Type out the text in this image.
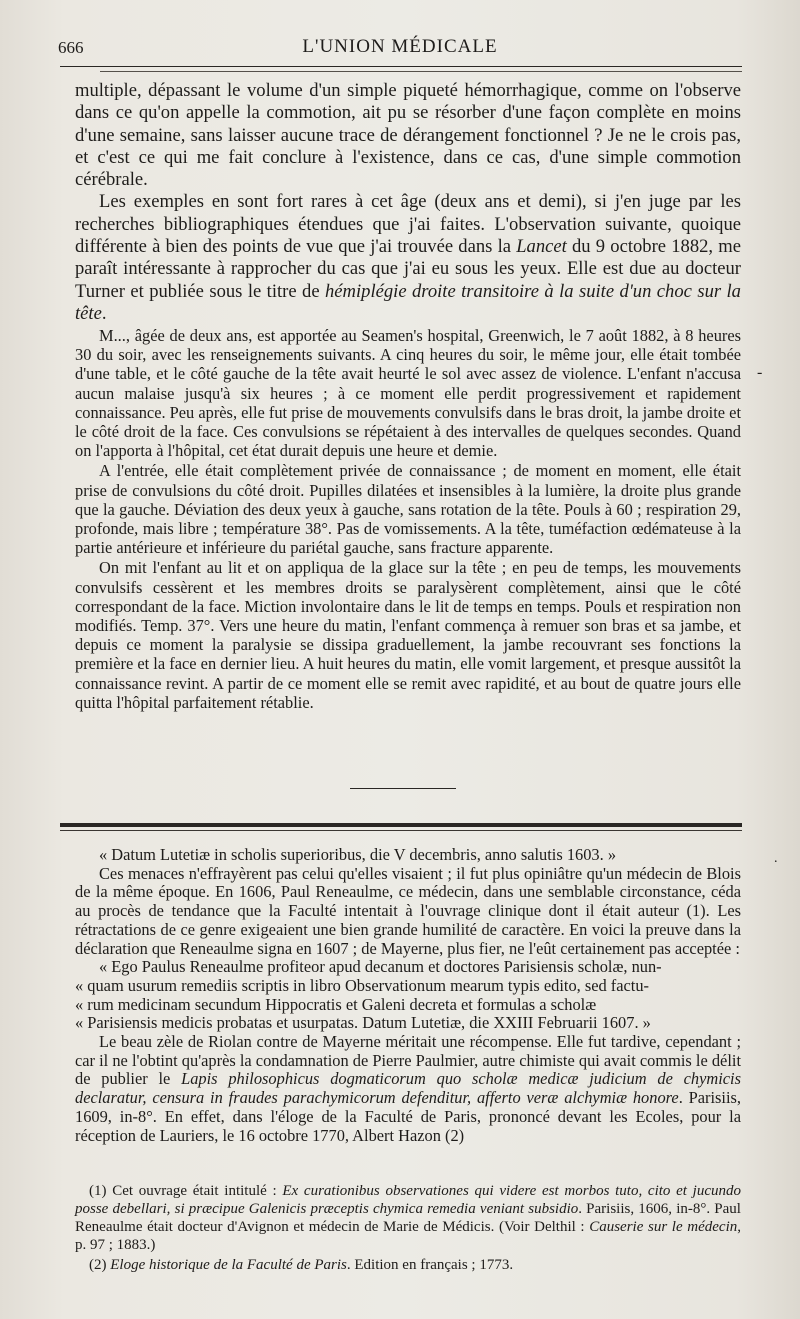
666	L'UNION MÉDICALE

multiple, dépassant le volume d'un simple piqueté hémorrhagique, comme on l'observe dans ce qu'on appelle la commotion, ait pu se résorber d'une façon complète en moins d'une semaine, sans laisser aucune trace de dérangement fonctionnel ? Je ne le crois pas, et c'est ce qui me fait conclure à l'existence, dans ce cas, d'une simple commotion cérébrale.

Les exemples en sont fort rares à cet âge (deux ans et demi), si j'en juge par les recherches bibliographiques étendues que j'ai faites. L'observation suivante, quoique différente à bien des points de vue que j'ai trouvée dans la Lancet du 9 octobre 1882, me paraît intéressante à rapprocher du cas que j'ai eu sous les yeux. Elle est due au docteur Turner et publiée sous le titre de hémiplégie droite transitoire à la suite d'un choc sur la tête.

M..., âgée de deux ans, est apportée au Seamen's hospital, Greenwich, le 7 août 1882, à 8 heures 30 du soir, avec les renseignements suivants. A cinq heures du soir, le même jour, elle était tombée d'une table, et le côté gauche de la tête avait heurté le sol avec assez de violence. L'enfant n'accusa aucun malaise jusqu'à six heures ; à ce moment elle perdit progressivement et rapidement connaissance. Peu après, elle fut prise de mouvements convulsifs dans le bras droit, la jambe droite et le côté droit de la face. Ces convulsions se répétaient à des intervalles de quelques secondes. Quand on l'apporta à l'hôpital, cet état durait depuis une heure et demie.

A l'entrée, elle était complètement privée de connaissance ; de moment en moment, elle était prise de convulsions du côté droit. Pupilles dilatées et insensibles à la lumière, la droite plus grande que la gauche. Déviation des deux yeux à gauche, sans rotation de la tête. Pouls à 60 ; respiration 29, profonde, mais libre ; température 38°. Pas de vomissements. A la tête, tuméfaction œdémateuse à la partie antérieure et inférieure du pariétal gauche, sans fracture apparente.

On mit l'enfant au lit et on appliqua de la glace sur la tête ; en peu de temps, les mouvements convulsifs cessèrent et les membres droits se paralysèrent complètement, ainsi que le côté correspondant de la face. Miction involontaire dans le lit de temps en temps. Pouls et respiration non modifiés. Temp. 37°. Vers une heure du matin, l'enfant commença à remuer son bras et sa jambe, et depuis ce moment la paralysie se dissipa graduellement, la jambe recouvrant ses fonctions la première et la face en dernier lieu. A huit heures du matin, elle vomit largement, et presque aussitôt la connaissance revint. A partir de ce moment elle se remit avec rapidité, et au bout de quatre jours elle quitta l'hôpital parfaitement rétablie.

« Datum Lutetiæ in scholis superioribus, die V decembris, anno salutis 1603. »

Ces menaces n'effrayèrent pas celui qu'elles visaient ; il fut plus opiniâtre qu'un médecin de Blois de la même époque. En 1606, Paul Reneaulme, ce médecin, dans une semblable circonstance, céda au procès de tendance que la Faculté intentait à l'ouvrage clinique dont il était auteur (1). Les rétractations de ce genre exigeaient une bien grande humilité de caractère. En voici la preuve dans la déclaration que Reneaulme signa en 1607 ; de Mayerne, plus fier, ne l'eût certainement pas acceptée :

« Ego Paulus Reneaulme profiteor apud decanum et doctores Parisiensis scholæ, nun-

« quam usurum remediis scriptis in libro Observationum mearum typis edito, sed factu-

« rum medicinam secundum Hippocratis et Galeni decreta et formulas a scholæ

« Parisiensis medicis probatas et usurpatas. Datum Lutetiæ, die XXIII Februarii 1607. »

Le beau zèle de Riolan contre de Mayerne méritait une récompense. Elle fut tardive, cependant ; car il ne l'obtint qu'après la condamnation de Pierre Paulmier, autre chimiste qui avait commis le délit de publier le Lapis philosophicus dogmaticorum quo scholæ medicæ judicium de chymicis declaratur, censura in fraudes parachymicorum defenditur, afferto veræ alchymiæ honore. Parisiis, 1609, in-8°. En effet, dans l'éloge de la Faculté de Paris, prononcé devant les Ecoles, pour la réception de Lauriers, le 16 octobre 1770, Albert Hazon (2)

(1) Cet ouvrage était intitulé : Ex curationibus observationes qui videre est morbos tuto, cito et jucundo posse debellari, si præcipue Galenicis præceptis chymica remedia veniant subsidio. Parisiis, 1606, in-8°. Paul Reneaulme était docteur d'Avignon et médecin de Marie de Médicis. (Voir Delthil : Causerie sur le médecin, p. 97 ; 1883.)

(2) Eloge historique de la Faculté de Paris. Edition en français ; 1773.

-
.
